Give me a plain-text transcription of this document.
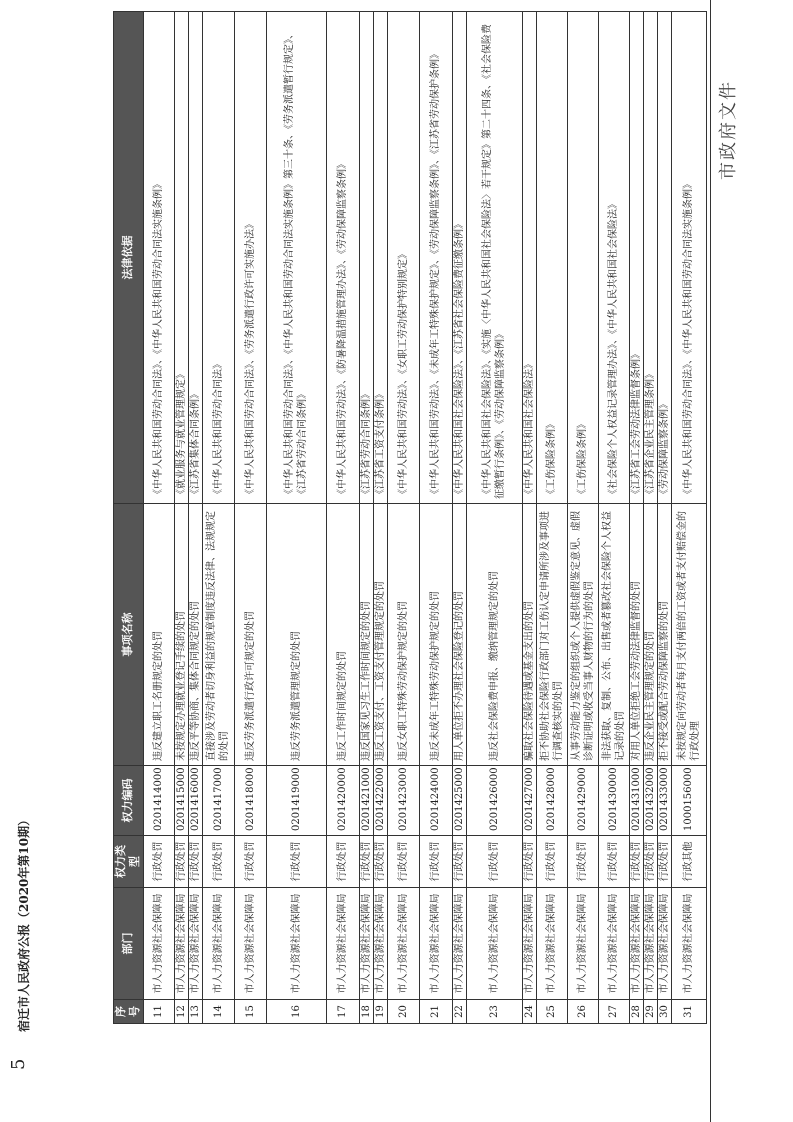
市政府文件
5
宿迁市人民政府公报（2020年第10期）	序号	部门	权力类型	权力编码	事项名称	法律依据
11	市人力资源社会保障局	行政处罚	0201414000	违反建立职工名册规定的处罚	《中华人民共和国劳动合同法》、《中华人民共和国劳动合同法实施条例》
12	市人力资源社会保障局	行政处罚	0201415000	未按规定办理就业登记手续的处罚	《就业服务与就业管理规定》
13	市人力资源社会保障局	行政处罚	0201416000	违反平等协商、集体合同规定的处罚	《江苏省集体合同条例》
14	市人力资源社会保障局	行政处罚	0201417000	直接涉及劳动者切身利益的规章制度违反法律、法规规定的处罚	《中华人民共和国劳动合同法》
15	市人力资源社会保障局	行政处罚	0201418000	违反劳务派遣行政许可规定的处罚	《中华人民共和国劳动合同法》、《劳务派遣行政许可实施办法》
16	市人力资源社会保障局	行政处罚	0201419000	违反劳务派遣管理规定的处罚	《中华人民共和国劳动合同法》、《中华人民共和国劳动合同法实施条例》第三十条、《劳务派遣暂行规定》、《江苏省劳动合同条例》
17	市人力资源社会保障局	行政处罚	0201420000	违反工作时间规定的处罚	《中华人民共和国劳动法》、《防暑降温措施管理办法》、《劳动保障监察条例》
18	市人力资源社会保障局	行政处罚	0201421000	违反国家见习生工作时间规定的处罚	《江苏省劳动合同条例》
19	市人力资源社会保障局	行政处罚	0201422000	违反工资支付、工资支付管理规定的处罚	《江苏省工资支付条例》
20	市人力资源社会保障局	行政处罚	0201423000	违反女职工特殊劳动保护规定的处罚	《中华人民共和国劳动法》、《女职工劳动保护特别规定》
21	市人力资源社会保障局	行政处罚	0201424000	违反未成年工特殊劳动保护规定的处罚	《中华人民共和国劳动法》、《未成年工特殊保护规定》、《劳动保障监察条例》、《江苏省劳动保护条例》
22	市人力资源社会保障局	行政处罚	0201425000	用人单位拒不办理社会保险登记的处罚	《中华人民共和国社会保险法》、《江苏省社会保险费征缴条例》
23	市人力资源社会保障局	行政处罚	0201426000	违反社会保险费申报、缴纳管理规定的处罚	《中华人民共和国社会保险法》、《实施〈中华人民共和国社会保险法〉若干规定》第二十四条、《社会保险费征缴暂行条例》、《劳动保障监察条例》
24	市人力资源社会保障局	行政处罚	0201427000	骗取社会保险待遇或基金支出的处罚	《中华人民共和国社会保险法》
25	市人力资源社会保障局	行政处罚	0201428000	拒不协助社会保险行政部门对工伤认定申请所涉及事项进行调查核实的处罚	《工伤保险条例》
26	市人力资源社会保障局	行政处罚	0201429000	从事劳动能力鉴定的组织或个人提供虚假鉴定意见、虚假诊断证明或收受当事人财物的行为的处罚	《工伤保险条例》
27	市人力资源社会保障局	行政处罚	0201430000	非法获取、复制、公布、出售或者篡改社会保险个人权益记录的处罚	《社会保险个人权益记录管理办法》、《中华人民共和国社会保险法》
28	市人力资源社会保障局	行政处罚	0201431000	对用人单位拒绝工会劳动法律监督的处罚	《江苏省工会劳动法律监督条例》
29	市人力资源社会保障局	行政处罚	0201432000	违反企业民主管理规定的处罚	《江苏省企业民主管理条例》
30	市人力资源社会保障局	行政处罚	0201433000	拒不接受或配合劳动保障监察的处罚	《劳动保障监察条例》
31	市人力资源社会保障局	行政其他	1000156000	未按规定向劳动者每月支付两倍的工资或者支付赔偿金的行政处理	《中华人民共和国劳动合同法》、《中华人民共和国劳动合同法实施条例》
